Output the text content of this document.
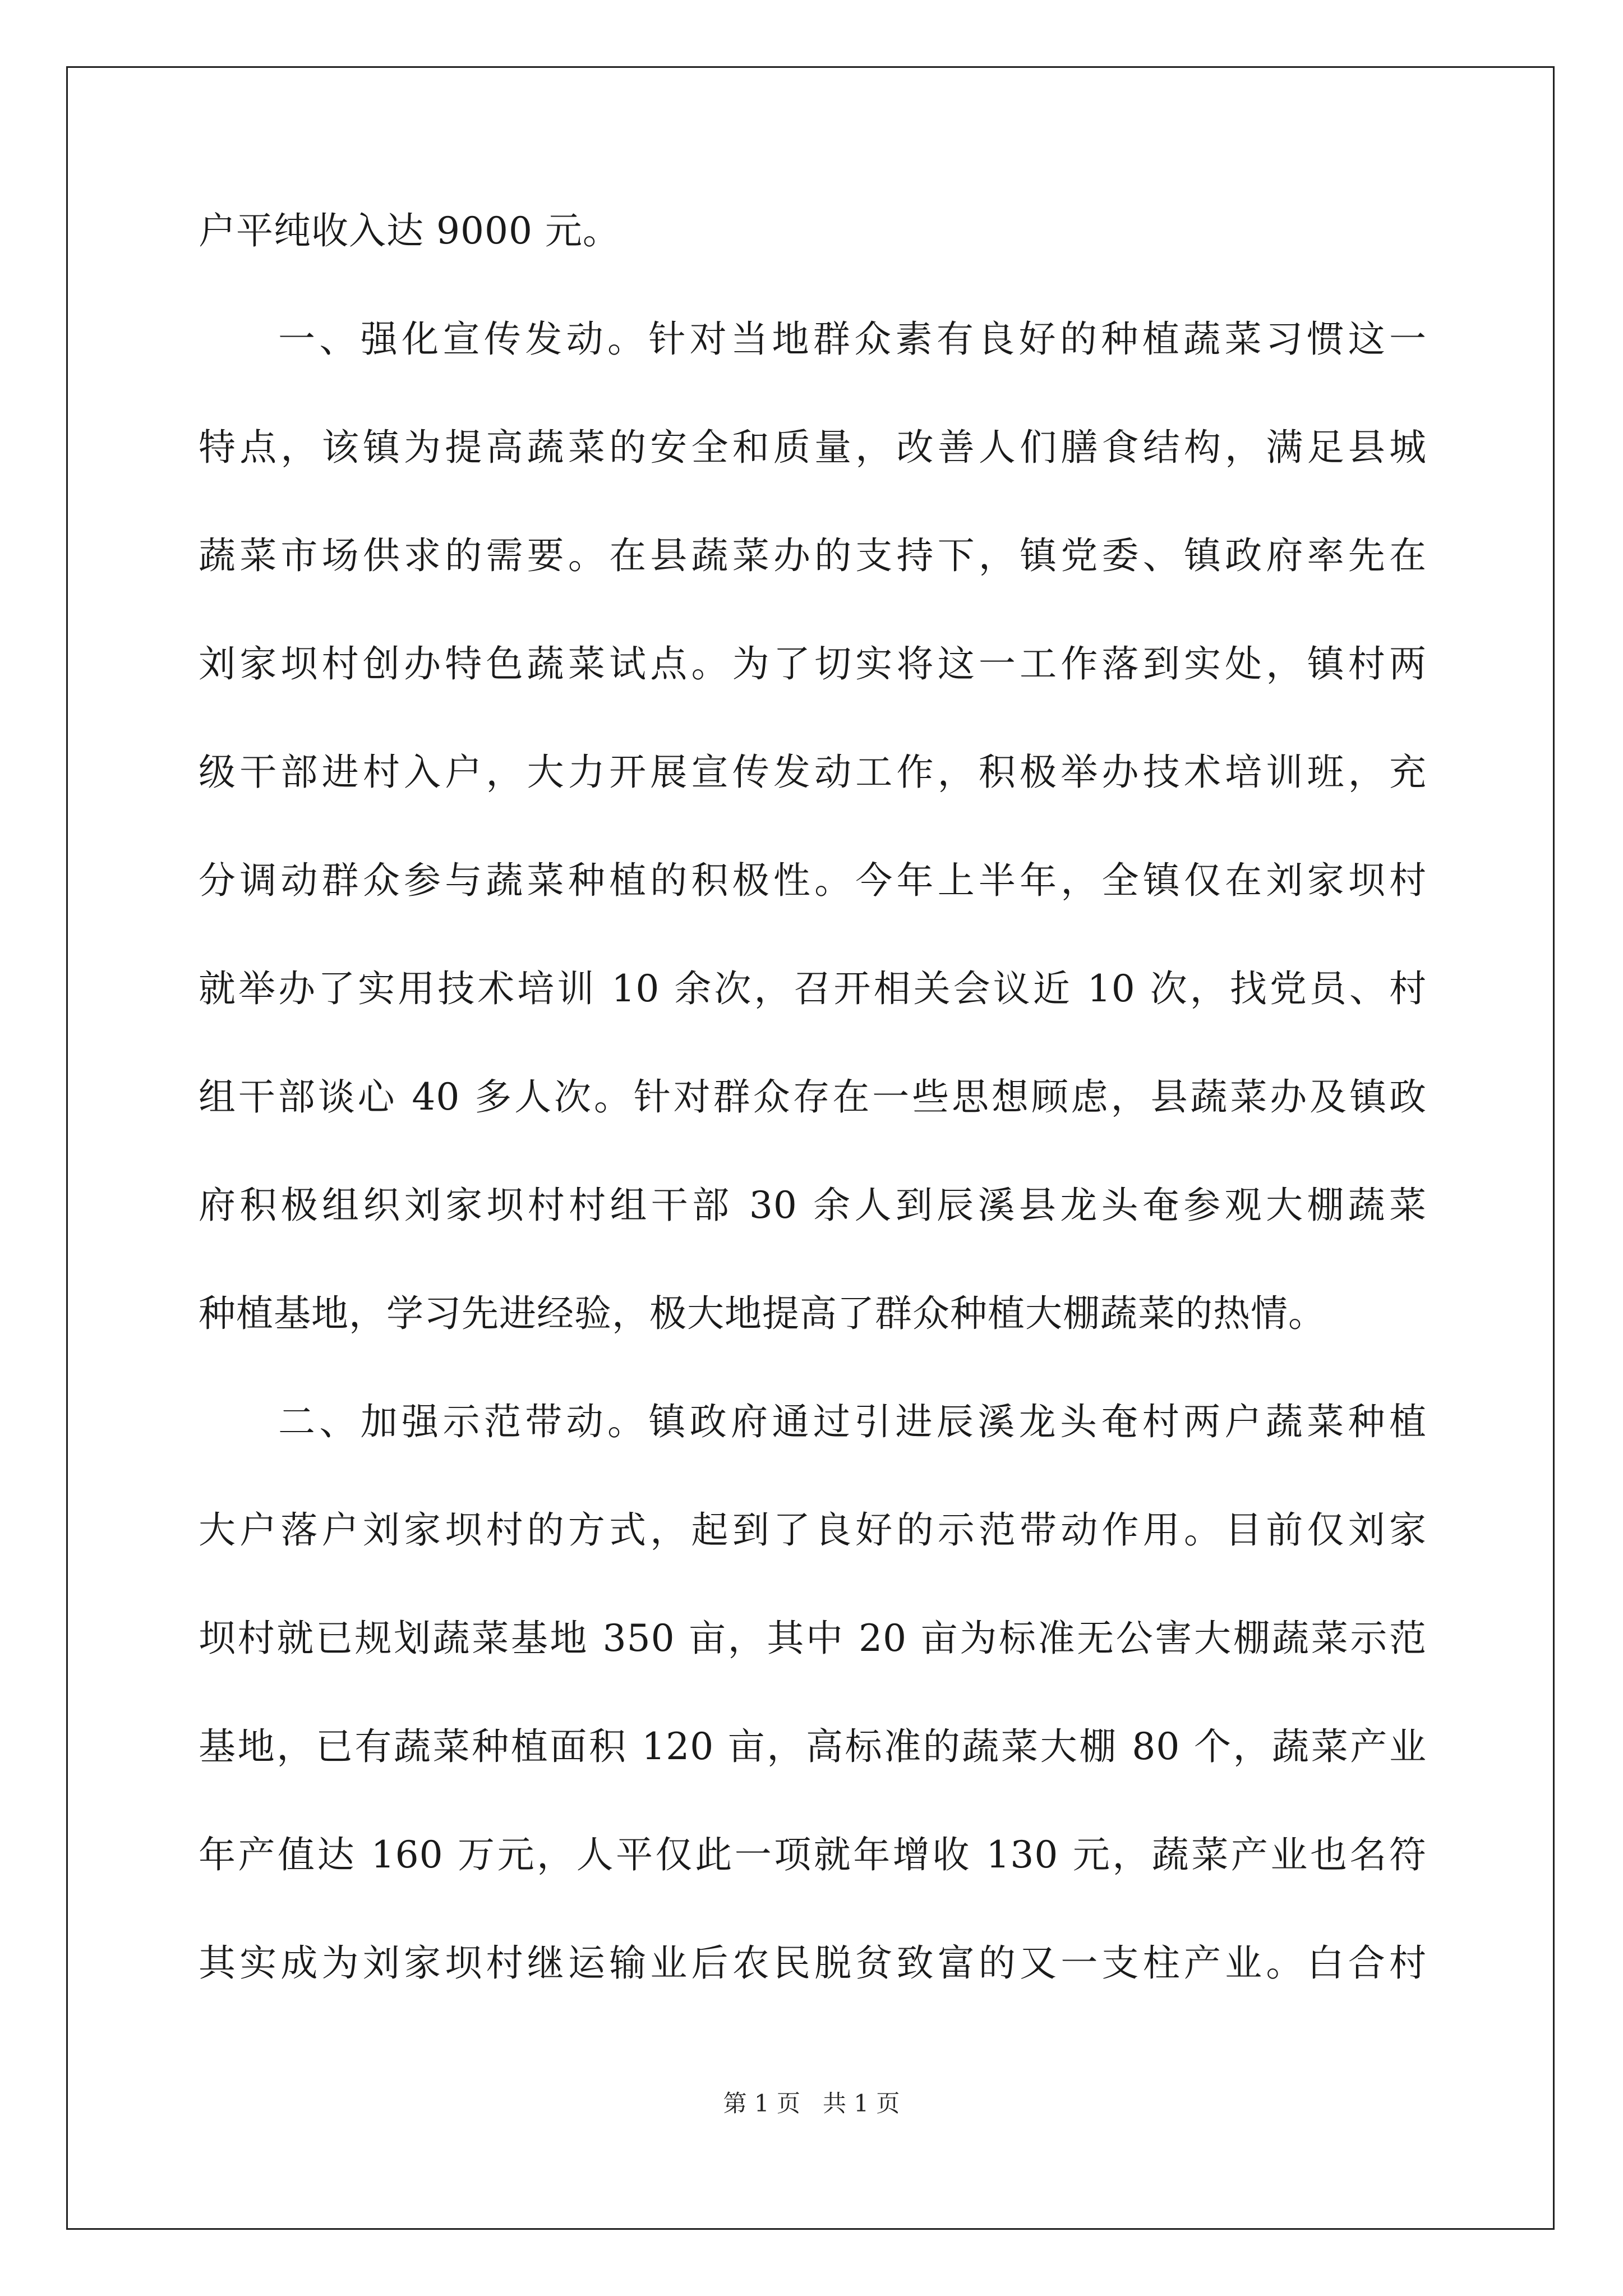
户平纯收入达 9000 元。
一、强化宣传发动。针对当地群众素有良好的种植蔬菜习惯这一
特点，该镇为提高蔬菜的安全和质量，改善人们膳食结构，满足县城
蔬菜市场供求的需要。在县蔬菜办的支持下，镇党委、镇政府率先在
刘家坝村创办特色蔬菜试点。为了切实将这一工作落到实处，镇村两
级干部进村入户，大力开展宣传发动工作，积极举办技术培训班，充
分调动群众参与蔬菜种植的积极性。今年上半年，全镇仅在刘家坝村
就举办了实用技术培训 10 余次，召开相关会议近 10 次，找党员、村
组干部谈心 40 多人次。针对群众存在一些思想顾虑，县蔬菜办及镇政
府积极组织刘家坝村村组干部 30 余人到辰溪县龙头奄参观大棚蔬菜
种植基地，学习先进经验，极大地提高了群众种植大棚蔬菜的热情。
二、加强示范带动。镇政府通过引进辰溪龙头奄村两户蔬菜种植
大户落户刘家坝村的方式，起到了良好的示范带动作用。目前仅刘家
坝村就已规划蔬菜基地 350 亩，其中 20 亩为标准无公害大棚蔬菜示范
基地，已有蔬菜种植面积 120 亩，高标准的蔬菜大棚 80 个，蔬菜产业
年产值达 160 万元，人平仅此一项就年增收 130 元，蔬菜产业也名符
其实成为刘家坝村继运输业后农民脱贫致富的又一支柱产业。白合村
第 1 页 共 1 页
